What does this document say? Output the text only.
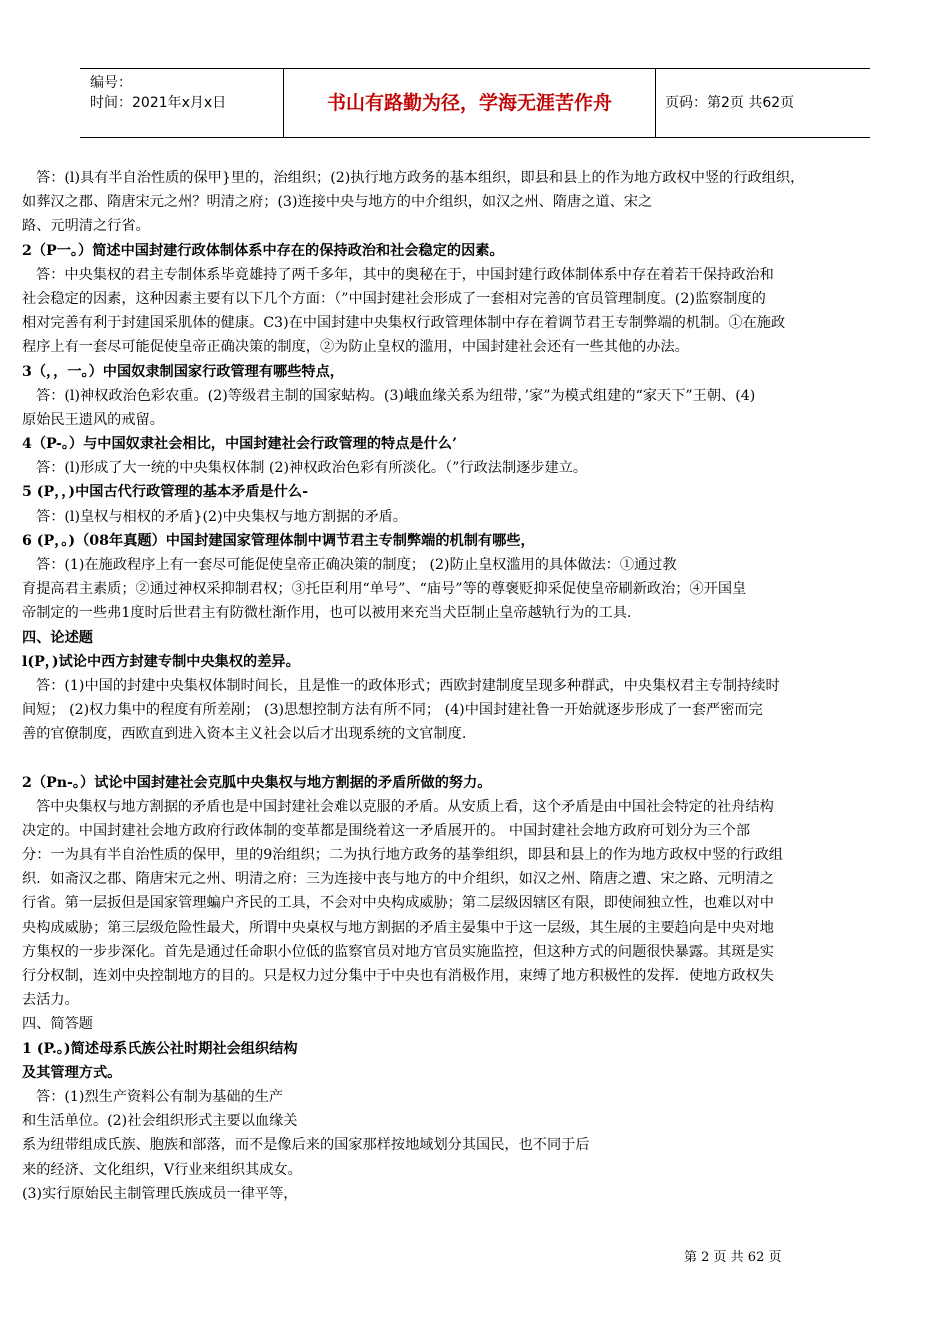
编号：
时间：2021年x月x日	书山有路勤为径，学海无涯苦作舟	页码：第2页 共62页
答：(l)具有半自治性质的保甲}里的，治组织；(2)执行地方政务的基本组织，即县和县上的作为地方政权中竖的行政组织，
如葬汉之郡、隋唐宋元之州？明清之府；(3)连接中央与地方的中介组织，如汉之州、隋唐之道、宋之
路、元明清之行省。
2（P一。）简述中国封建行政体制体系中存在的保持政治和社会稳定的因素。
答：中央集权的君主专制体系毕竟雄持了两千多年，其中的奥秘在于，中国封建行政体制体系中存在着若干保持政治和
社会稳定的因素，这种因素主要有以下几个方面：（”中国封建社会形成了一套相对完善的官员管理制度。(2)监察制度的
相对完善有利于封建国采肌体的健康。C3)在中国封建中央集权行政管理体制中存在着调节君王专制弊端的机制。①在施政
程序上有一套尽可能促使皇帝正确决策的制度，②为防止皇权的滥用，中国封建社会还有一些其他的办法。
3（，，一。）中国奴隶制国家行政管理有哪些特点，
答：(l)神权政治色彩农重。(2)等级君主制的国家蛄构。(3)峨血缘关系为纽带，’家”为模式组建的“家天下”王朝、(4)
原始民王遗风的戒留。
4（P-。）与中国奴隶社会相比，中国封建社会行政管理的特点是什么’
答：(l)形成了大一统的中央集权体制 (2)神权政治色彩有所淡化。（”行政法制逐步建立。
5 (P，，)中国古代行政管理的基本矛盾是什么-
答：(l)皇权与相权的矛盾}(2)中央集权与地方割据的矛盾。
6 (P，。)（08年真题）中国封建国家管理体制中调节君主专制弊端的机制有哪些，
答：(1)在施政程序上有一套尽可能促使皇帝正确决策的制度； (2)防止皇权滥用的具体做法：①通过教
育提高君主素质；②通过神权采抑制君权；③托臣利用“单号”、“庙号”等的尊褒贬抑采促使皇帝刷新政治；④开国皇
帝制定的一些弗1度时后世君主有防微杜渐作用，也可以被用来充当犬臣制止皇帝越轨行为的工具.
四、论述题
l(P，)试论中西方封建专制中央集权的差异。
答：(1)中国的封建中央集权体制时间长，且是惟一的政体形式；西欧封建制度呈现多种群武，中央集权君主专制持续时
间短； (2)权力集中的程度有所差剐； (3)思想控制方法有所不同； (4)中国封建社鲁一开始就逐步形成了一套严密而完
善的官僚制度，西欧直到进入资本主义社会以后才出现系统的文官制度.
2（Pn-。）试论中国封建社会克胍中央集权与地方割据的矛盾所做的努力。
答中央集权与地方割据的矛盾也是中国封建社会难以克服的矛盾。从安质上看，这个矛盾是由中国社会特定的社舟结构
决定的。中国封建社会地方政府行政体制的变革都是围绕着这一矛盾展开的。 中国封建社会地方政府可划分为三个部
分：一为具有半自治性质的保甲，里的9治组织；二为执行地方政务的基拳组织，即县和县上的作为地方政权中竖的行政组
织．如斋汉之郡、隋唐宋元之州、明清之府：三为连接中丧与地方的中介组织，如汉之州、隋唐之遭、宋之路、元明清之
行省。第一层扳但是国家管理蝙户齐民的工具，不会对中央构成威胁；第二层级因辖区有限，即使闹独立性，也难以对中
央构成威胁；第三层级危险性最犬，所谓中央桌权与地方割据的矛盾主晏集中于这一层级，其生展的主要趋向是中央对地
方集权的一步步深化。首先是通过任命职小位低的监察官员对地方官员实施监控，但这种方式的问题很快暴露。其斑是实
行分权制，连刘中央控制地方的目的。只是权力过分集中于中央也有消极作用，束缚了地方积极性的发挥．使地方政权失
去活力。
四、简答题
1 (P.。)简述母系氏族公社时期社会组织结构
及其管理方式。
答：(1)烈生产资料公有制为基础的生产
和生活单位。(2)社会组织形式主要以血缘关
系为纽带组成氏族、胞族和部落，而不是像后来的国家那样按地域划分其国民，也不同于后
来的经济、文化组织，V行业来组织其成女。
(3)实行原始民主制管理氏族成员一律平等，
第 2 页 共 62 页
